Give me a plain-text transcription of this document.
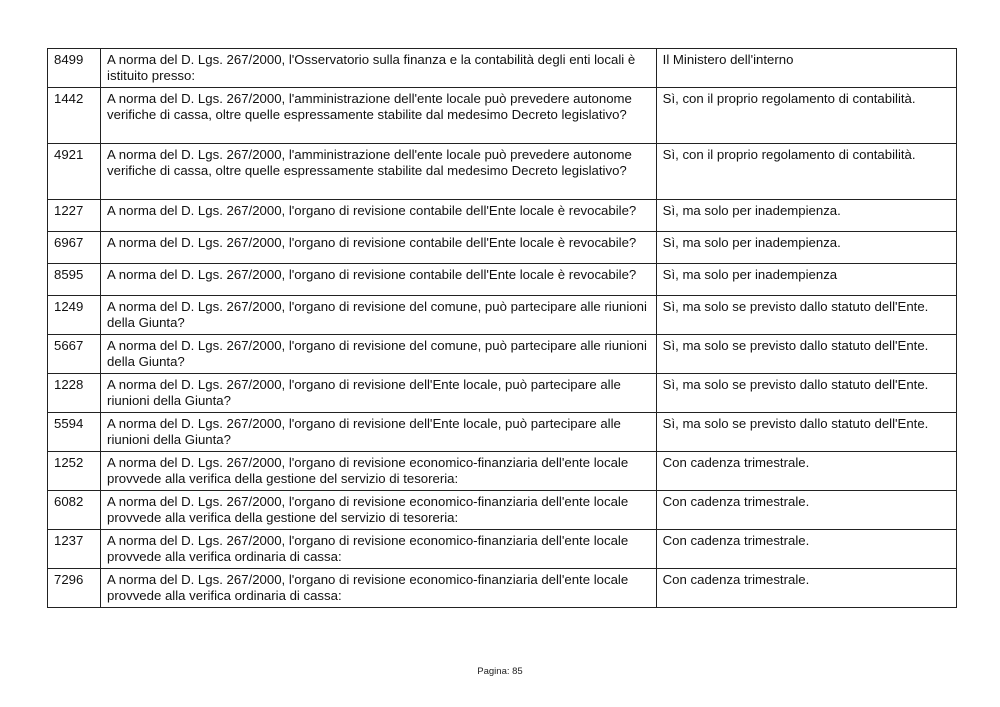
8499	A norma del D. Lgs. 267/2000, l'Osservatorio sulla finanza e la contabilità degli enti locali è istituito presso:	Il Ministero dell'interno
1442	A norma del D. Lgs. 267/2000, l'amministrazione dell'ente locale può prevedere autonome verifiche di cassa, oltre quelle espressamente stabilite dal medesimo Decreto legislativo?	Sì, con il proprio regolamento di contabilità.
4921	A norma del D. Lgs. 267/2000, l'amministrazione dell'ente locale può prevedere autonome verifiche di cassa, oltre quelle espressamente stabilite dal medesimo Decreto legislativo?	Sì, con il proprio regolamento di contabilità.
1227	A norma del D. Lgs. 267/2000, l'organo di revisione contabile dell'Ente locale è revocabile?	Sì, ma solo per inadempienza.
6967	A norma del D. Lgs. 267/2000, l'organo di revisione contabile dell'Ente locale è revocabile?	Sì, ma solo per inadempienza.
8595	A norma del D. Lgs. 267/2000, l'organo di revisione contabile dell'Ente locale è revocabile?	Sì, ma solo per inadempienza
1249	A norma del D. Lgs. 267/2000, l'organo di revisione del comune, può partecipare alle riunioni della Giunta?	Sì, ma solo se previsto dallo statuto dell'Ente.
5667	A norma del D. Lgs. 267/2000, l'organo di revisione del comune, può partecipare alle riunioni della Giunta?	Sì, ma solo se previsto dallo statuto dell'Ente.
1228	A norma del D. Lgs. 267/2000, l'organo di revisione dell'Ente locale, può partecipare alle riunioni della Giunta?	Sì, ma solo se previsto dallo statuto dell'Ente.
5594	A norma del D. Lgs. 267/2000, l'organo di revisione dell'Ente locale, può partecipare alle riunioni della Giunta?	Sì, ma solo se previsto dallo statuto dell'Ente.
1252	A norma del D. Lgs. 267/2000, l'organo di revisione economico-finanziaria dell'ente locale provvede alla verifica della gestione del servizio di tesoreria:	Con cadenza trimestrale.
6082	A norma del D. Lgs. 267/2000, l'organo di revisione economico-finanziaria dell'ente locale provvede alla verifica della gestione del servizio di tesoreria:	Con cadenza trimestrale.
1237	A norma del D. Lgs. 267/2000, l'organo di revisione economico-finanziaria dell'ente locale provvede alla verifica ordinaria di cassa:	Con cadenza trimestrale.
7296	A norma del D. Lgs. 267/2000, l'organo di revisione economico-finanziaria dell'ente locale provvede alla verifica ordinaria di cassa:	Con cadenza trimestrale.
Pagina: 85
